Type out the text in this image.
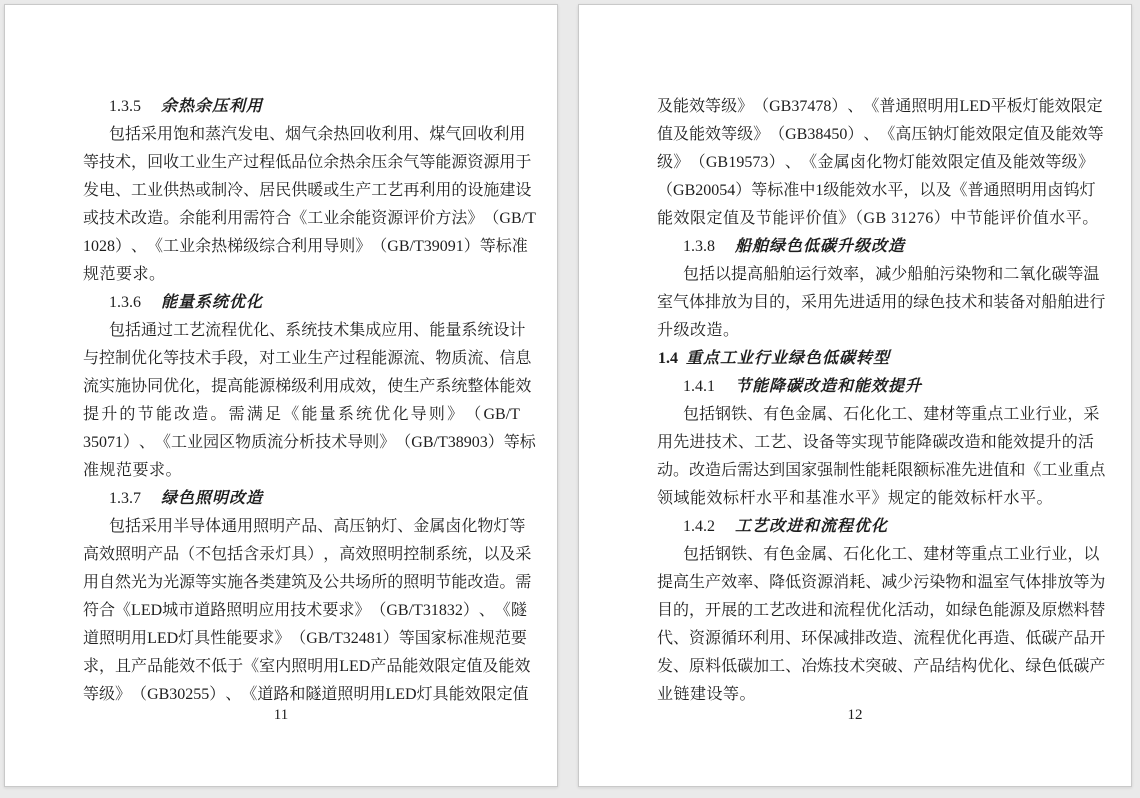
1.3.5 余热余压利用
包 括 采 用 饱 和 蒸 汽 发 电 、 烟 气 余 热 回 收 利 用 、 煤 气 回 收 利 用
等 技 术 ， 回 收 工 业 生 产 过 程 低 品 位 余 热 余 压 余 气 等 能 源 资 源 用 于
发 电 、 工 业 供 热 或 制 冷 、 居 民 供 暖 或 生 产 工 艺 再 利 用 的 设 施 建 设
或 技 术 改 造 。 余 能 利 用 需 符 合 《 工 业 余 能 资 源 评 价 方 法 》 （ GB/T
1028 ） 、 《 工 业 余 热 梯 级 综 合 利 用 导 则 》 （ GB/T 39091 ） 等 标 准
规范要求。
1.3.6 能量系统优化
包 括 通 过 工 艺 流 程 优 化 、 系 统 技 术 集 成 应 用 、 能 量 系 统 设 计
与 控 制 优 化 等 技 术 手 段 ， 对 工 业 生 产 过 程 能 源 流 、 物 质 流 、 信 息
流 实 施 协 同 优 化 ， 提 高 能 源 梯 级 利 用 成 效 ， 使 生 产 系 统 整 体 能 效
提 升 的 节 能 改 造 。 需 满 足 《 能 量 系 统 优 化 导 则 》 （ GB/T
35071 ） 、 《 工 业 园 区 物 质 流 分 析 技 术 导 则 》 （ GB/T 38903 ） 等 标
准规范要求。
1.3.7 绿色照明改造
包 括 采 用 半 导 体 通 用 照 明 产 品 、 高 压 钠 灯 、 金 属 卤 化 物 灯 等
高 效 照 明 产 品 （ 不 包 括 含 汞 灯 具 ） ， 高 效 照 明 控 制 系 统 ， 以 及 采
用 自 然 光 为 光 源 等 实 施 各 类 建 筑 及 公 共 场 所 的 照 明 节 能 改 造 。 需
符 合 《 LED 城 市 道 路 照 明 应 用 技 术 要 求 》 （ GB/T 31832 ） 、 《 隧
道 照 明 用 LED 灯 具 性 能 要 求 》 （ GB/T 32481 ） 等 国 家 标 准 规 范 要
求 ， 且 产 品 能 效 不 低 于 《 室 内 照 明 用 LED 产 品 能 效 限 定 值 及 能 效
等 级 》 （ GB 30255 ） 、 《 道 路 和 隧 道 照 明 用 LED 灯 具 能 效 限 定 值
11
及 能 效 等 级 》 （ GB 37478 ） 、 《 普 通 照 明 用 LED 平 板 灯 能 效 限 定
值 及 能 效 等 级 》 （ GB 38450 ） 、 《 高 压 钠 灯 能 效 限 定 值 及 能 效 等
级 》 （ GB 19573 ） 、 《 金 属 卤 化 物 灯 能 效 限 定 值 及 能 效 等 级 》
（ GB 20054 ） 等 标 准 中 1 级 能 效 水 平 ， 以 及 《 普 通 照 明 用 卤 钨 灯
能效限定值及节能评价值》（GB 31276）中节能评价值水平。
1.3.8 船舶绿色低碳升级改造
包 括 以 提 高 船 舶 运 行 效 率 ， 减 少 船 舶 污 染 物 和 二 氧 化 碳 等 温
室 气 体 排 放 为 目 的 ， 采 用 先 进 适 用 的 绿 色 技 术 和 装 备 对 船 舶 进 行
升级改造。
1.4 重点工业行业绿色低碳转型
1.4.1 节能降碳改造和能效提升
包 括 钢 铁 、 有 色 金 属 、 石 化 化 工 、 建 材 等 重 点 工 业 行 业 ， 采
用 先 进 技 术 、 工 艺 、 设 备 等 实 现 节 能 降 碳 改 造 和 能 效 提 升 的 活
动 。 改 造 后 需 达 到 国 家 强 制 性 能 耗 限 额 标 准 先 进 值 和 《 工 业 重 点
领域能效标杆水平和基准水平》规定的能效标杆水平。
1.4.2 工艺改进和流程优化
包 括 钢 铁 、 有 色 金 属 、 石 化 化 工 、 建 材 等 重 点 工 业 行 业 ， 以
提 高 生 产 效 率 、 降 低 资 源 消 耗 、 减 少 污 染 物 和 温 室 气 体 排 放 等 为
目 的 ， 开 展 的 工 艺 改 进 和 流 程 优 化 活 动 ， 如 绿 色 能 源 及 原 燃 料 替
代 、 资 源 循 环 利 用 、 环 保 减 排 改 造 、 流 程 优 化 再 造 、 低 碳 产 品 开
发 、 原 料 低 碳 加 工 、 冶 炼 技 术 突 破 、 产 品 结 构 优 化 、 绿 色 低 碳 产
业链建设等。
12
